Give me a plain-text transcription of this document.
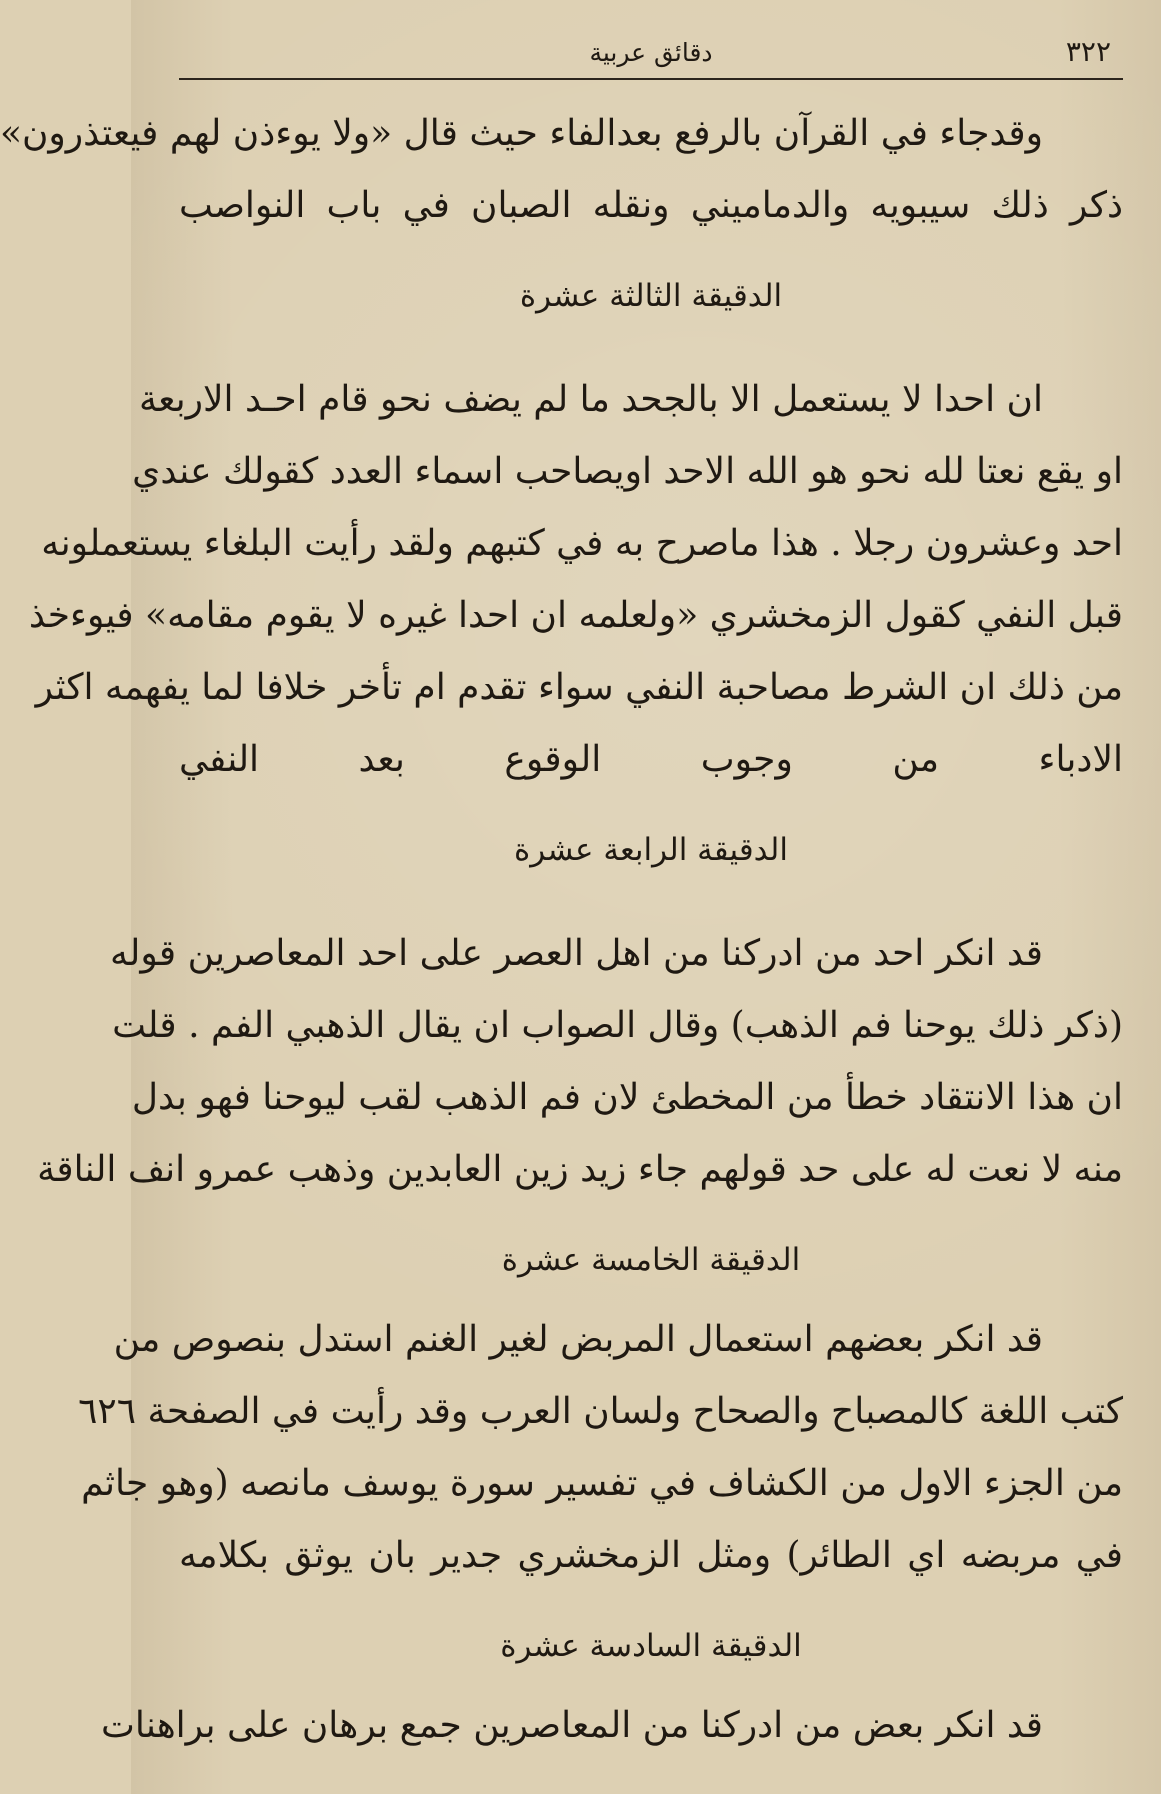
٣٢٢
دقائق عربية
وقدجاء في القرآن بالرفع بعدالفاء حيث قال «ولا يوءذن لهم فيعتذرون»
ذكر ذلك سيبويه والدماميني ونقله الصبان في باب النواصب
الدقيقة الثالثة عشرة
ان احدا لا يستعمل الا بالجحد ما لم يضف نحو قام احـد الاربعة
او يقع نعتا لله نحو هو الله الاحد اويصاحب اسماء العدد كقولك عندي
احد وعشرون رجلا . هذا ماصرح به في كتبهم ولقد رأيت البلغاء يستعملونه
قبل النفي كقول الزمخشري «ولعلمه ان احدا غيره لا يقوم مقامه» فيوءخذ
من ذلك ان الشرط مصاحبة النفي سواء تقدم ام تأخر خلافا لما يفهمه اكثر
الادباء من وجوب الوقوع بعد النفي
الدقيقة الرابعة عشرة
قد انكر احد من ادركنا من اهل العصر على احد المعاصرين قوله
(ذكر ذلك يوحنا فم الذهب) وقال الصواب ان يقال الذهبي الفم . قلت
ان هذا الانتقاد خطأ من المخطئ لان فم الذهب لقب ليوحنا فهو بدل
منه لا نعت له على حد قولهم جاء زيد زين العابدين وذهب عمرو انف الناقة
الدقيقة الخامسة عشرة
قد انكر بعضهم استعمال المربض لغير الغنم استدل بنصوص من
كتب اللغة كالمصباح والصحاح ولسان العرب وقد رأيت في الصفحة ٦٢٦
من الجزء الاول من الكشاف في تفسير سورة يوسف مانصه (وهو جاثم
في مربضه اي الطائر) ومثل الزمخشري جدير بان يوثق بكلامه
الدقيقة السادسة عشرة
قد انكر بعض من ادركنا من المعاصرين جمع برهان على براهنات
